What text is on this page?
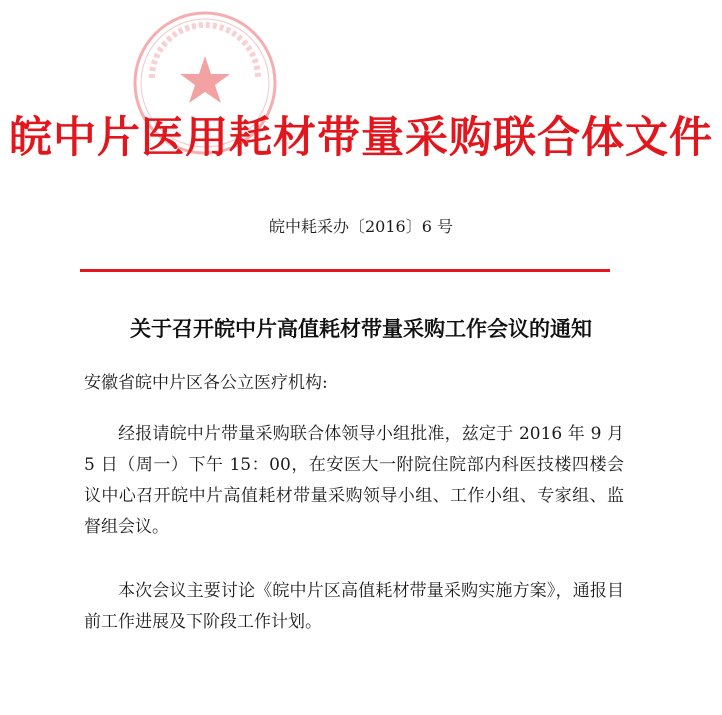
皖中片医用耗材带量采购联合体文件
皖中耗采办〔2016〕6 号
关于召开皖中片高值耗材带量采购工作会议的通知
安徽省皖中片区各公立医疗机构:

经报请皖中片带量采购联合体领导小组批准，兹定于 2016 年 9 月 5 日（周一）下午 15：00，在安医大一附院住院部内科医技楼四楼会议中心召开皖中片高值耗材带量采购领导小组、工作小组、专家组、监督组会议。

本次会议主要讨论《皖中片区高值耗材带量采购实施方案》，通报目前工作进展及下阶段工作计划。
